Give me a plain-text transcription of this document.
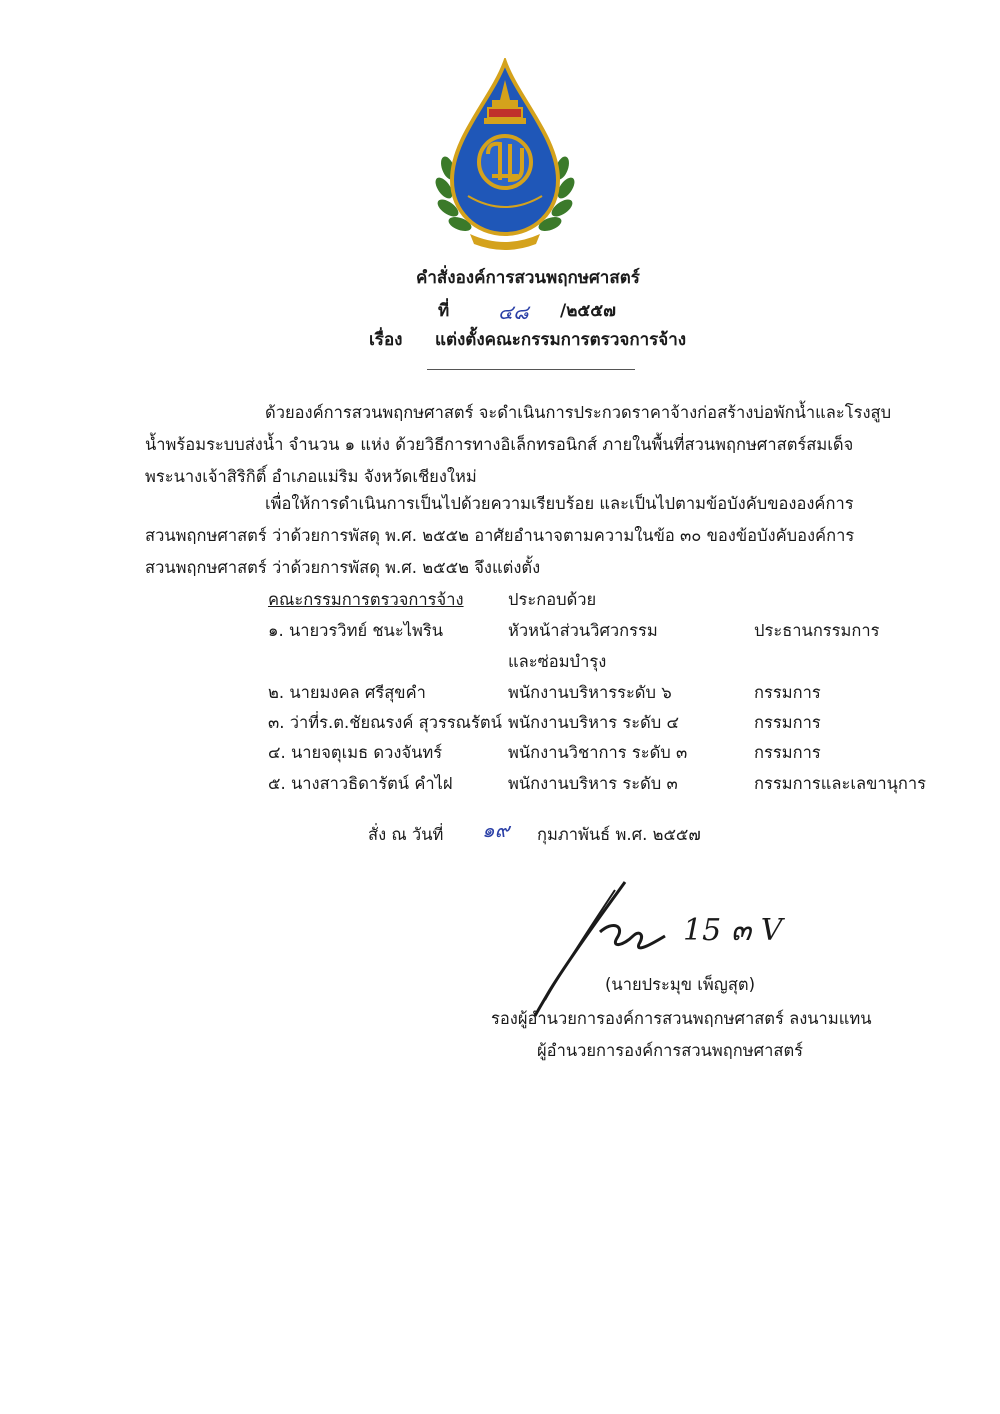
คำสั่งองค์การสวนพฤกษศาสตร์
ที่ ๔๘ /๒๕๕๗
เรื่อง แต่งตั้งคณะกรรมการตรวจการจ้าง
ด้วยองค์การสวนพฤกษศาสตร์ จะดำเนินการประกวดราคาจ้างก่อสร้างบ่อพักน้ำและโรงสูบ
น้ำพร้อมระบบส่งน้ำ จำนวน ๑ แห่ง ด้วยวิธีการทางอิเล็กทรอนิกส์ ภายในพื้นที่สวนพฤกษศาสตร์สมเด็จ
พระนางเจ้าสิริกิติ์ อำเภอแม่ริม จังหวัดเชียงใหม่
เพื่อให้การดำเนินการเป็นไปด้วยความเรียบร้อย และเป็นไปตามข้อบังคับขององค์การ
สวนพฤกษศาสตร์ ว่าด้วยการพัสดุ พ.ศ. ๒๕๕๒ อาศัยอำนาจตามความในข้อ ๓๐ ของข้อบังคับองค์การ
สวนพฤกษศาสตร์ ว่าด้วยการพัสดุ พ.ศ. ๒๕๕๒ จึงแต่งตั้ง
คณะกรรมการตรวจการจ้าง	ประกอบด้วย
๑. นายวรวิทย์ ชนะไพริน	หัวหน้าส่วนวิศวกรรม	ประธานกรรมการ
และซ่อมบำรุง
๒. นายมงคล ศรีสุขคำ	พนักงานบริหารระดับ ๖	กรรมการ
๓. ว่าที่ร.ต.ชัยณรงค์ สุวรรณรัตน์ พนักงานบริหาร ระดับ ๔	กรรมการ
๔. นายจตุเมธ ดวงจันทร์	พนักงานวิชาการ ระดับ ๓	กรรมการ
๕. นางสาวธิดารัตน์ คำไฝ	พนักงานบริหาร ระดับ ๓	กรรมการและเลขานุการ
สั่ง ณ วันที่ ๑๙ กุมภาพันธ์ พ.ศ. ๒๕๕๗
15 ๓ V
(นายประมุข เพ็ญสุต)
รองผู้อำนวยการองค์การสวนพฤกษศาสตร์ ลงนามแทน
ผู้อำนวยการองค์การสวนพฤกษศาสตร์
